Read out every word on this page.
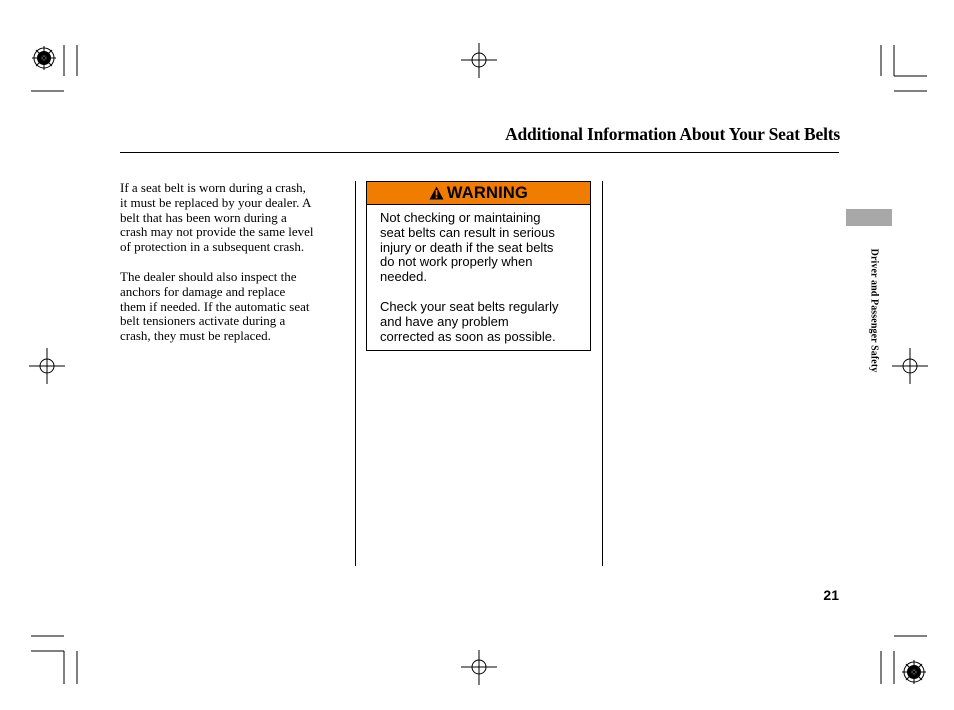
Additional Information About Your Seat Belts
If a seat belt is worn during a crash,
it must be replaced by your dealer. A
belt that has been worn during a
crash may not provide the same level
of protection in a subsequent crash.
The dealer should also inspect the
anchors for damage and replace
them if needed. If the automatic seat
belt tensioners activate during a
crash, they must be replaced.
WARNING
Not checking or maintaining
seat belts can result in serious
injury or death if the seat belts
do not work properly when
needed.
Check your seat belts regularly
and have any problem
corrected as soon as possible.	Driver and Passenger Safety
21
